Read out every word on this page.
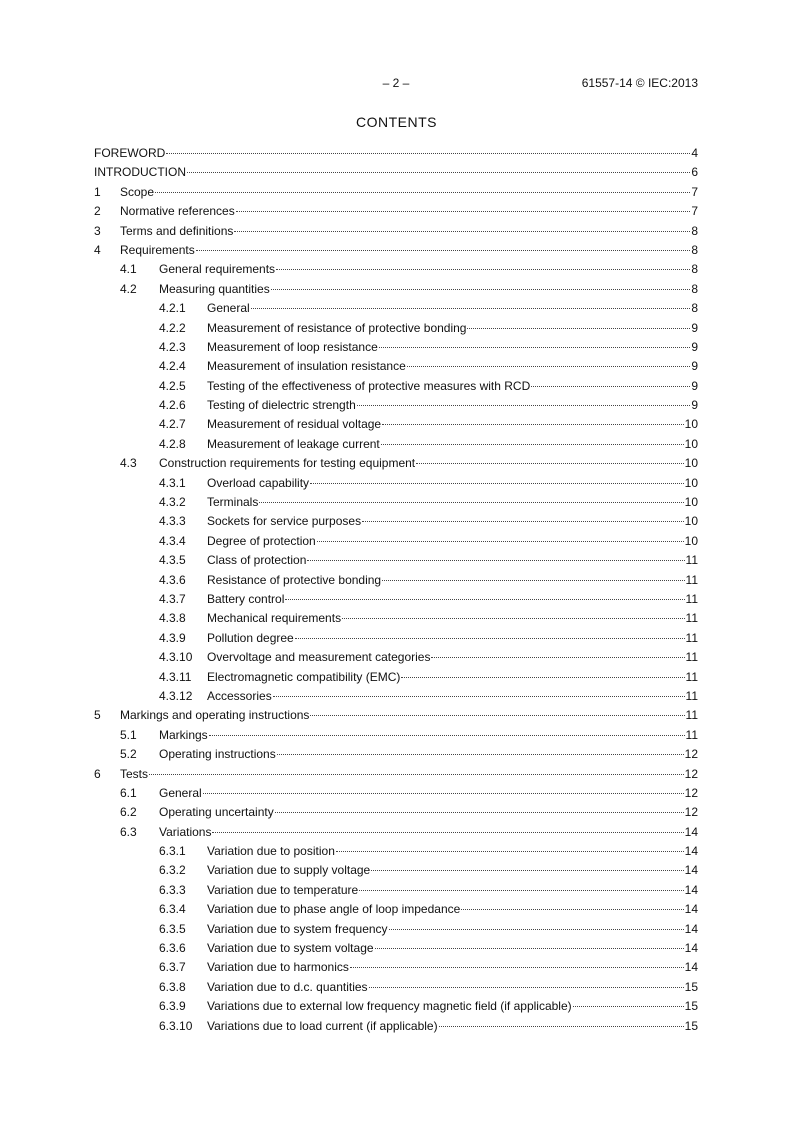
– 2 –	61557-14 © IEC:2013
CONTENTS
FOREWORD	4
INTRODUCTION	6
1	Scope	7
2	Normative references	7
3	Terms and definitions	8
4	Requirements	8
4.1	General requirements	8
4.2	Measuring quantities	8
4.2.1	General	8
4.2.2	Measurement of resistance of protective bonding	9
4.2.3	Measurement of loop resistance	9
4.2.4	Measurement of insulation resistance	9
4.2.5	Testing of the effectiveness of protective measures with RCD	9
4.2.6	Testing of dielectric strength	9
4.2.7	Measurement of residual voltage	10
4.2.8	Measurement of leakage current	10
4.3	Construction requirements for testing equipment	10
4.3.1	Overload capability	10
4.3.2	Terminals	10
4.3.3	Sockets for service purposes	10
4.3.4	Degree of protection	10
4.3.5	Class of protection	11
4.3.6	Resistance of protective bonding	11
4.3.7	Battery control	11
4.3.8	Mechanical requirements	11
4.3.9	Pollution degree	11
4.3.10	Overvoltage and measurement categories	11
4.3.11	Electromagnetic compatibility (EMC)	11
4.3.12	Accessories	11
5	Markings and operating instructions	11
5.1	Markings	11
5.2	Operating instructions	12
6	Tests	12
6.1	General	12
6.2	Operating uncertainty	12
6.3	Variations	14
6.3.1	Variation due to position	14
6.3.2	Variation due to supply voltage	14
6.3.3	Variation due to temperature	14
6.3.4	Variation due to phase angle of loop impedance	14
6.3.5	Variation due to system frequency	14
6.3.6	Variation due to system voltage	14
6.3.7	Variation due to harmonics	14
6.3.8	Variation due to d.c. quantities	15
6.3.9	Variations due to external low frequency magnetic field (if applicable)	15
6.3.10	Variations due to load current (if applicable)	15
